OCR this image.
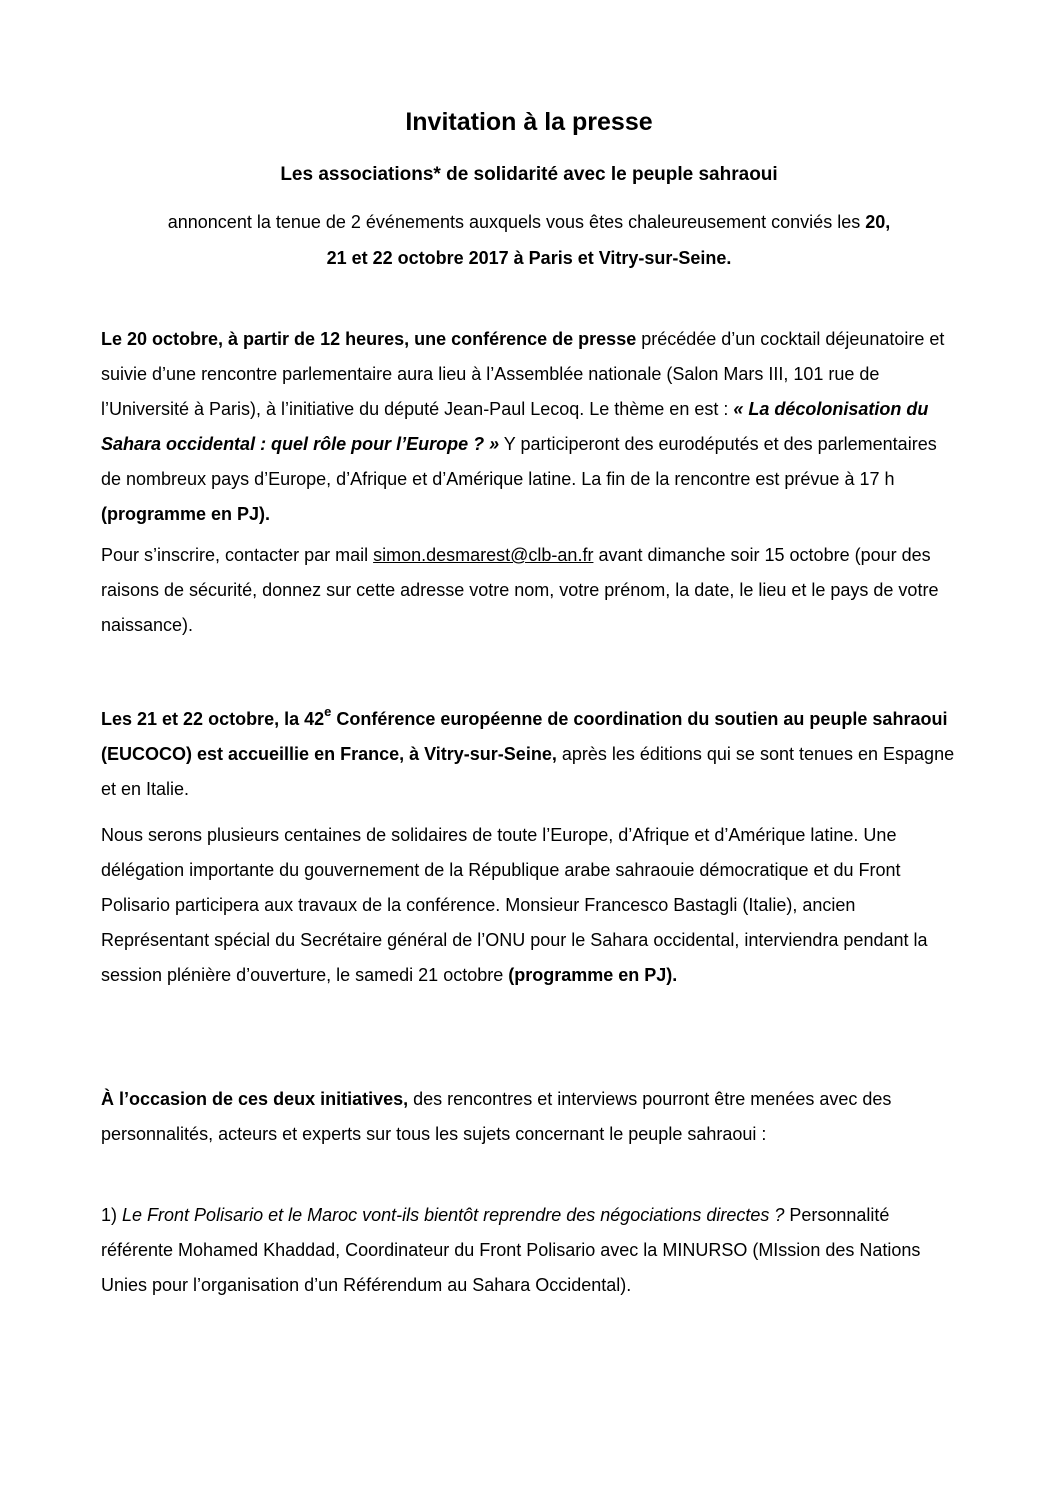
Invitation à la presse
Les associations* de solidarité avec le peuple sahraoui
annoncent la tenue de 2 événements auxquels vous êtes chaleureusement conviés les 20,
21 et 22 octobre 2017 à Paris et Vitry-sur-Seine.
Le 20 octobre, à partir de 12 heures, une conférence de presse précédée d’un cocktail déjeunatoire et suivie d’une rencontre parlementaire aura lieu à l’Assemblée nationale (Salon Mars III, 101 rue de l’Université à Paris), à l’initiative du député Jean-Paul Lecoq. Le thème en est : « La décolonisation du Sahara occidental : quel rôle pour l’Europe ? » Y participeront des eurodéputés et des parlementaires de nombreux pays d’Europe, d’Afrique et d’Amérique latine. La fin de la rencontre est prévue à 17 h (programme en PJ).
Pour s’inscrire, contacter par mail simon.desmarest@clb-an.fr avant dimanche soir 15 octobre (pour des raisons de sécurité, donnez sur cette adresse votre nom, votre prénom, la date, le lieu et le pays de votre naissance).
Les 21 et 22 octobre, la 42e Conférence européenne de coordination du soutien au peuple sahraoui (EUCOCO) est accueillie en France, à Vitry-sur-Seine, après les éditions qui se sont tenues en Espagne et en Italie.
Nous serons plusieurs centaines de solidaires de toute l’Europe, d’Afrique et d’Amérique latine. Une délégation importante du gouvernement de la République arabe sahraouie démocratique et du Front Polisario participera aux travaux de la conférence. Monsieur Francesco Bastagli (Italie), ancien Représentant spécial du Secrétaire général de l’ONU pour le Sahara occidental, interviendra pendant la session plénière d’ouverture, le samedi 21 octobre (programme en PJ).
À l’occasion de ces deux initiatives, des rencontres et interviews pourront être menées avec des personnalités, acteurs et experts sur tous les sujets concernant le peuple sahraoui :
1) Le Front Polisario et le Maroc vont-ils bientôt reprendre des négociations directes ? Personnalité référente Mohamed Khaddad, Coordinateur du Front Polisario avec la MINURSO (MIssion des Nations Unies pour l’organisation d’un Référendum au Sahara Occidental).
